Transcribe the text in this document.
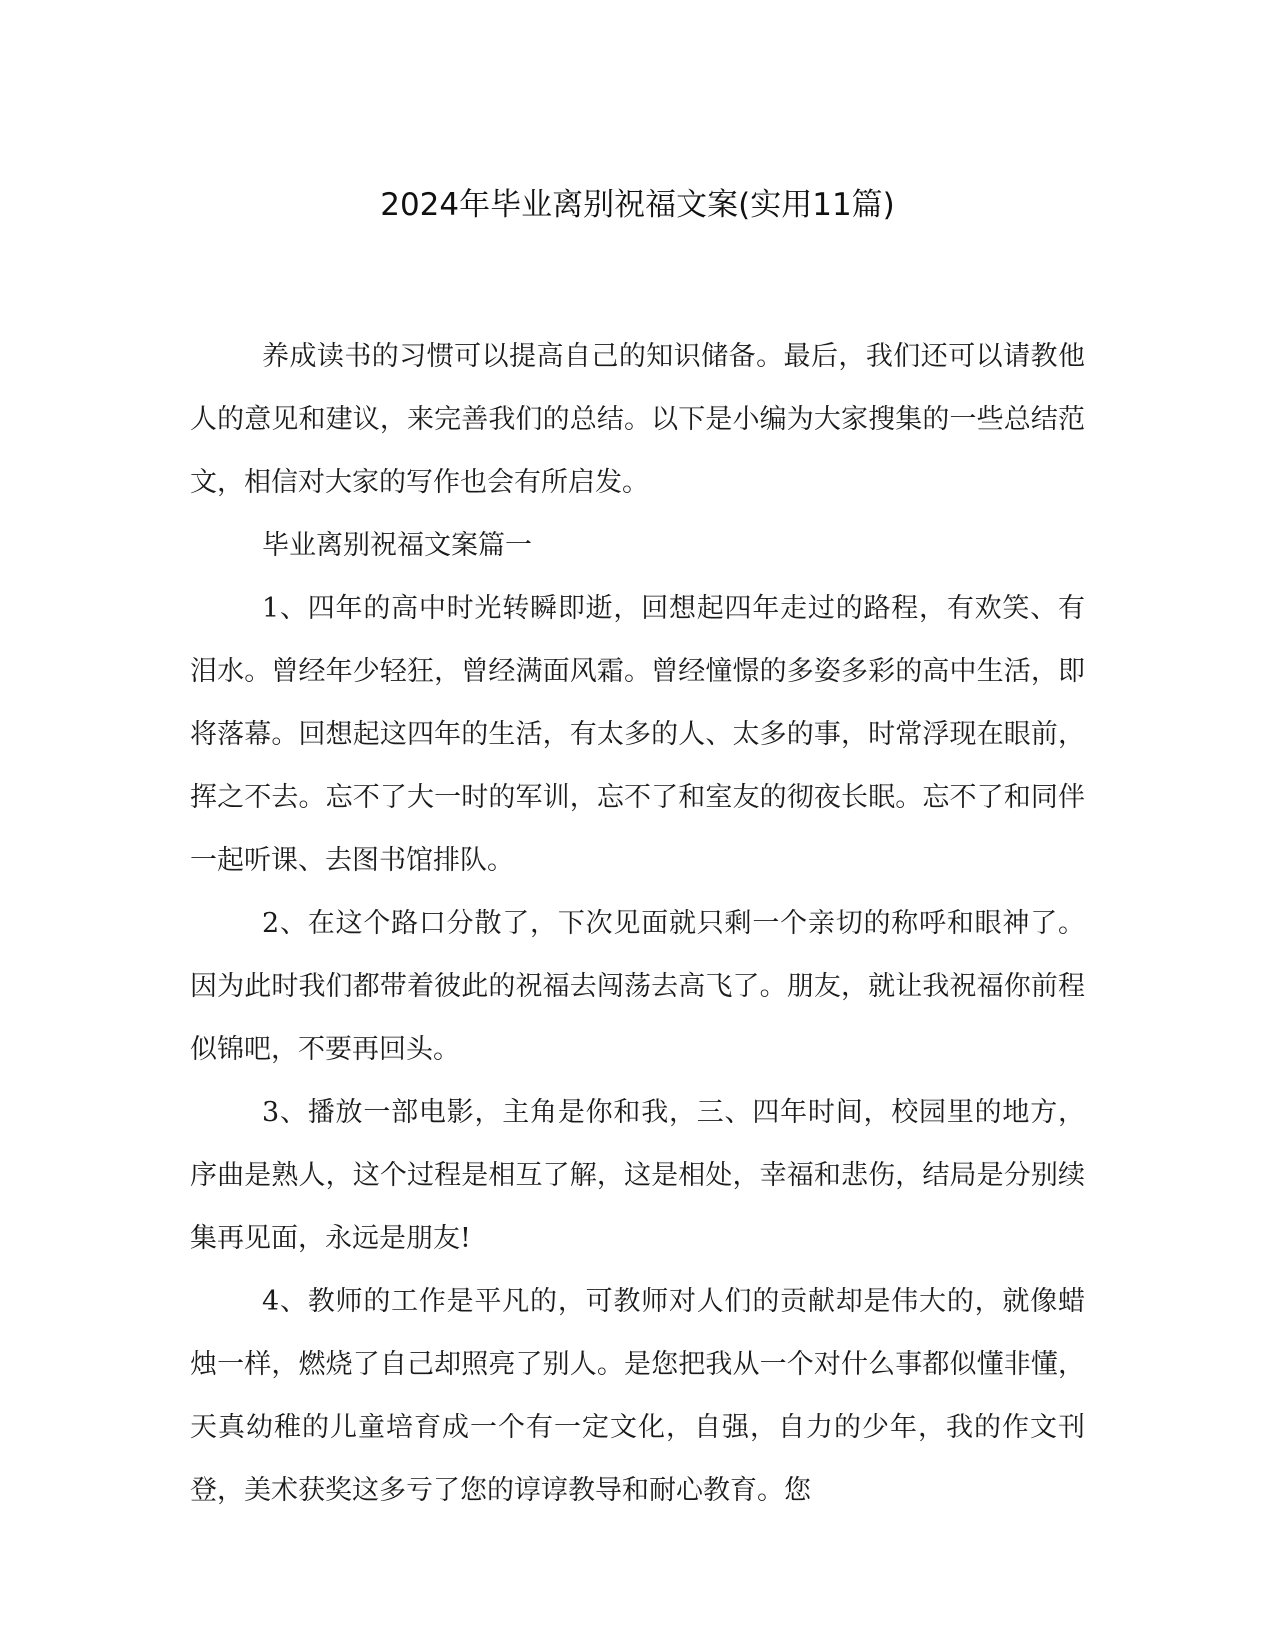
2024年毕业离别祝福文案(实用11篇)

养成读书的习惯可以提高自己的知识储备。最后，我们还可以请教他人的意见和建议，来完善我们的总结。以下是小编为大家搜集的一些总结范文，相信对大家的写作也会有所启发。

毕业离别祝福文案篇一

1、四年的高中时光转瞬即逝，回想起四年走过的路程，有欢笑、有泪水。曾经年少轻狂，曾经满面风霜。曾经憧憬的多姿多彩的高中生活，即将落幕。回想起这四年的生活，有太多的人、太多的事，时常浮现在眼前，挥之不去。忘不了大一时的军训，忘不了和室友的彻夜长眠。忘不了和同伴一起听课、去图书馆排队。

2、在这个路口分散了，下次见面就只剩一个亲切的称呼和眼神了。因为此时我们都带着彼此的祝福去闯荡去高飞了。朋友，就让我祝福你前程似锦吧，不要再回头。

3、播放一部电影，主角是你和我，三、四年时间，校园里的地方，序曲是熟人，这个过程是相互了解，这是相处，幸福和悲伤，结局是分别续集再见面，永远是朋友!

4、教师的工作是平凡的，可教师对人们的贡献却是伟大的，就像蜡烛一样，燃烧了自己却照亮了别人。是您把我从一个对什么事都似懂非懂，天真幼稚的儿童培育成一个有一定文化，自强，自力的少年，我的作文刊登，美术获奖这多亏了您的谆谆教导和耐心教育。您
